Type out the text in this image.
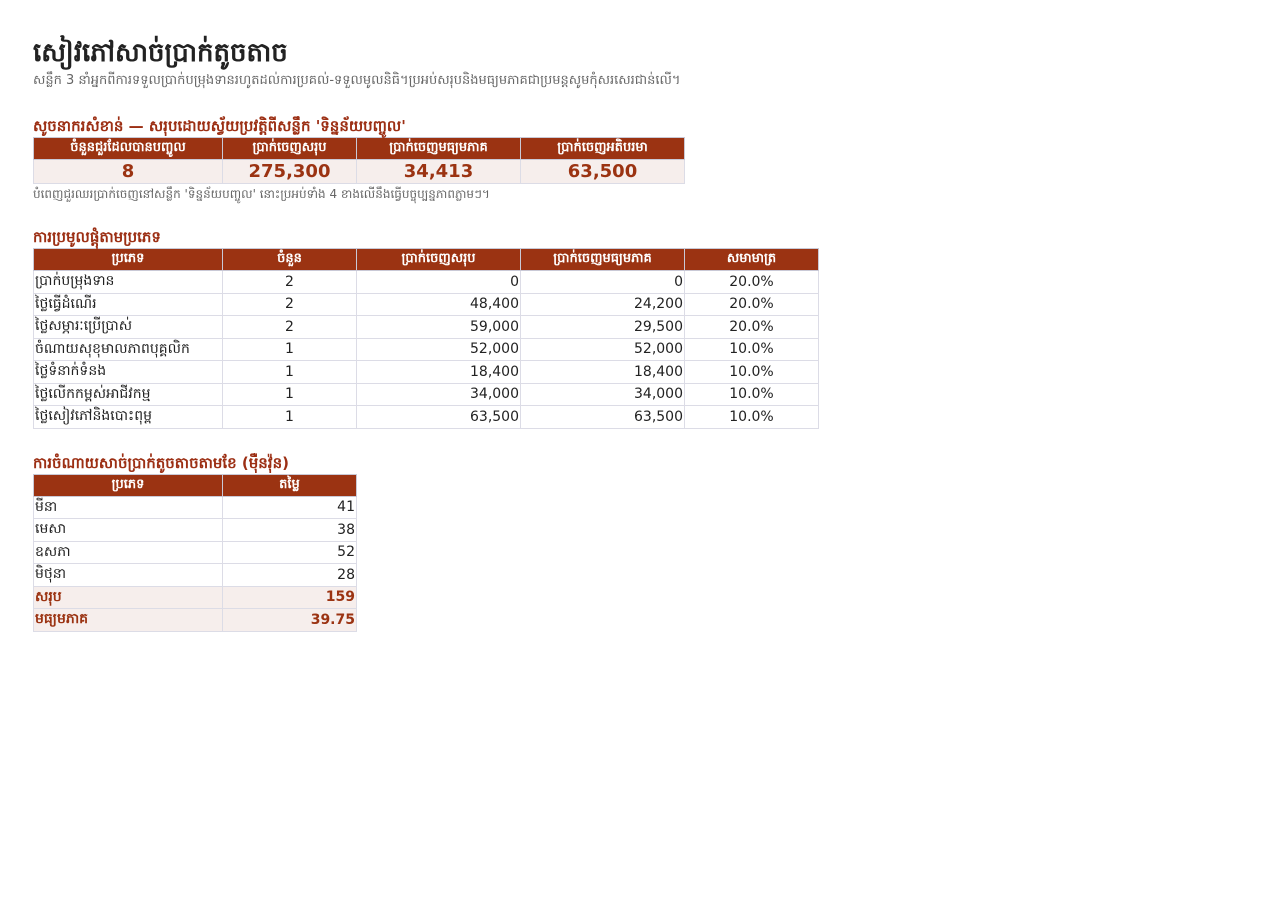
សៀវភៅសាច់ប្រាក់តូចតាច
សន្លឹក 3 នាំអ្នកពីការទទួលប្រាក់បម្រុងទានរហូតដល់ការប្រគល់-ទទួលមូលនិធិ។ប្រអប់សរុបនិងមធ្យមភាគជាប្រមន្តសូមកុំសរសេរជាន់លើ។
សូចនាករសំខាន់ — សរុបដោយស្វ័យប្រវត្តិពីសន្លឹក 'ទិន្នន័យបញ្ចូល'
ចំនួនជួរដែលបានបញ្ចូល	ប្រាក់ចេញសរុប	ប្រាក់ចេញមធ្យមភាគ	ប្រាក់ចេញអតិបរមា
8	275,300	34,413	63,500
បំពេញជួរឈរប្រាក់ចេញនៅសន្លឹក 'ទិន្នន័យបញ្ចូល' នោះប្រអប់ទាំង 4 ខាងលើនឹងធ្វើបច្ចុប្បន្នភាពភ្លាមៗ។
ការប្រមូលផ្តុំតាមប្រភេទ
ប្រភេទ	ចំនួន	ប្រាក់ចេញសរុប	ប្រាក់ចេញមធ្យមភាគ	សមាមាត្រ
ប្រាក់បម្រុងទាន	2	0	0	20.0%
ថ្លៃធ្វើដំណើរ	2	48,400	24,200	20.0%
ថ្លៃសម្ភារៈប្រើប្រាស់	2	59,000	29,500	20.0%
ចំណាយសុខុមាលភាពបុគ្គលិក	1	52,000	52,000	10.0%
ថ្លៃទំនាក់ទំនង	1	18,400	18,400	10.0%
ថ្លៃលើកកម្ពស់អាជីវកម្ម	1	34,000	34,000	10.0%
ថ្លៃសៀវភៅនិងបោះពុម្ព	1	63,500	63,500	10.0%
ការចំណាយសាច់ប្រាក់តូចតាចតាមខែ (ម៉ឺនវ៉ុន)
ប្រភេទ	តម្លៃ
មីនា	41
មេសា	38
ឧសភា	52
មិថុនា	28
សរុប	159
មធ្យមភាគ	39.75
